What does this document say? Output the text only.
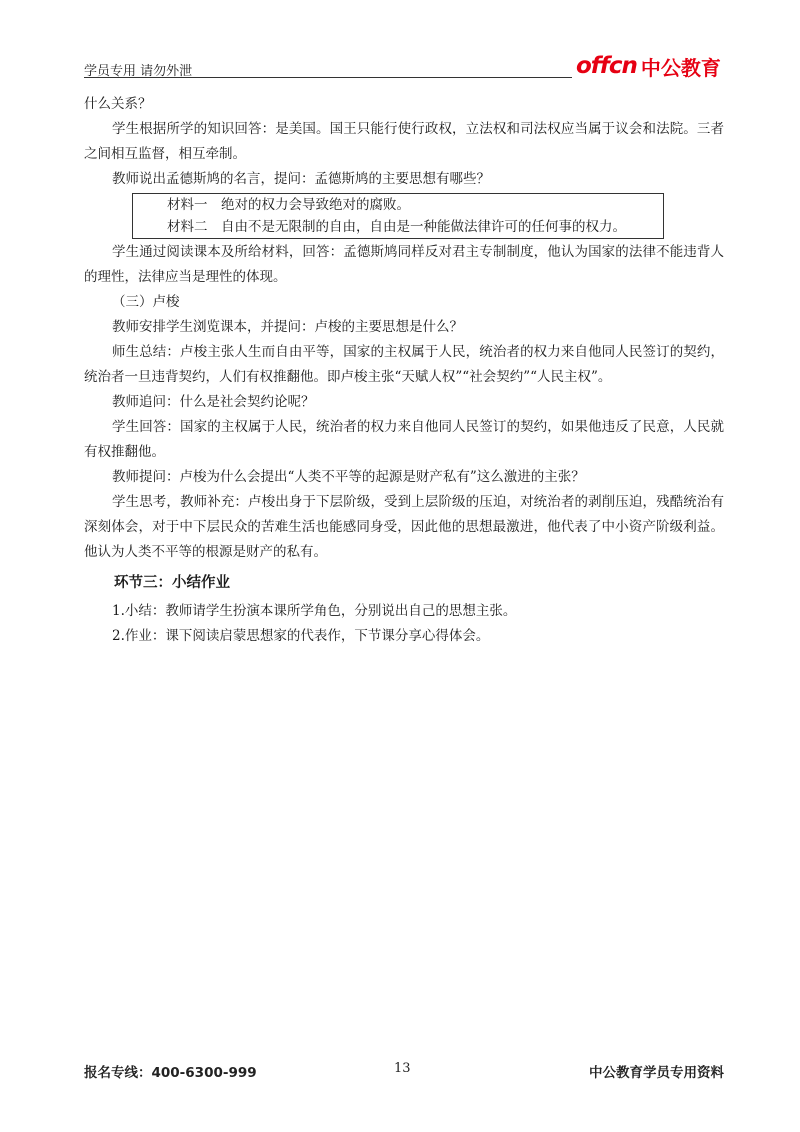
学员专用 请勿外泄	offcn 中公教育

什么关系？

学生根据所学的知识回答：是美国。国王只能行使行政权，立法权和司法权应当属于议会和法院。三者之间相互监督，相互牵制。

教师说出孟德斯鸠的名言，提问：孟德斯鸠的主要思想有哪些？

材料一　绝对的权力会导致绝对的腐败。

材料二　自由不是无限制的自由，自由是一种能做法律许可的任何事的权力。

学生通过阅读课本及所给材料，回答：孟德斯鸠同样反对君主专制制度，他认为国家的法律不能违背人的理性，法律应当是理性的体现。

（三）卢梭

教师安排学生浏览课本，并提问：卢梭的主要思想是什么？

师生总结：卢梭主张人生而自由平等，国家的主权属于人民，统治者的权力来自他同人民签订的契约，统治者一旦违背契约，人们有权推翻他。即卢梭主张“天赋人权”“社会契约”“人民主权”。

教师追问：什么是社会契约论呢？

学生回答：国家的主权属于人民，统治者的权力来自他同人民签订的契约，如果他违反了民意，人民就有权推翻他。

教师提问：卢梭为什么会提出“人类不平等的起源是财产私有”这么激进的主张？

学生思考，教师补充：卢梭出身于下层阶级，受到上层阶级的压迫，对统治者的剥削压迫，残酷统治有深刻体会，对于中下层民众的苦难生活也能感同身受，因此他的思想最激进，他代表了中小资产阶级利益。他认为人类不平等的根源是财产的私有。

环节三：小结作业

1.小结：教师请学生扮演本课所学角色，分别说出自己的思想主张。

2.作业：课下阅读启蒙思想家的代表作，下节课分享心得体会。

报名专线：400-6300-999	13	中公教育学员专用资料
